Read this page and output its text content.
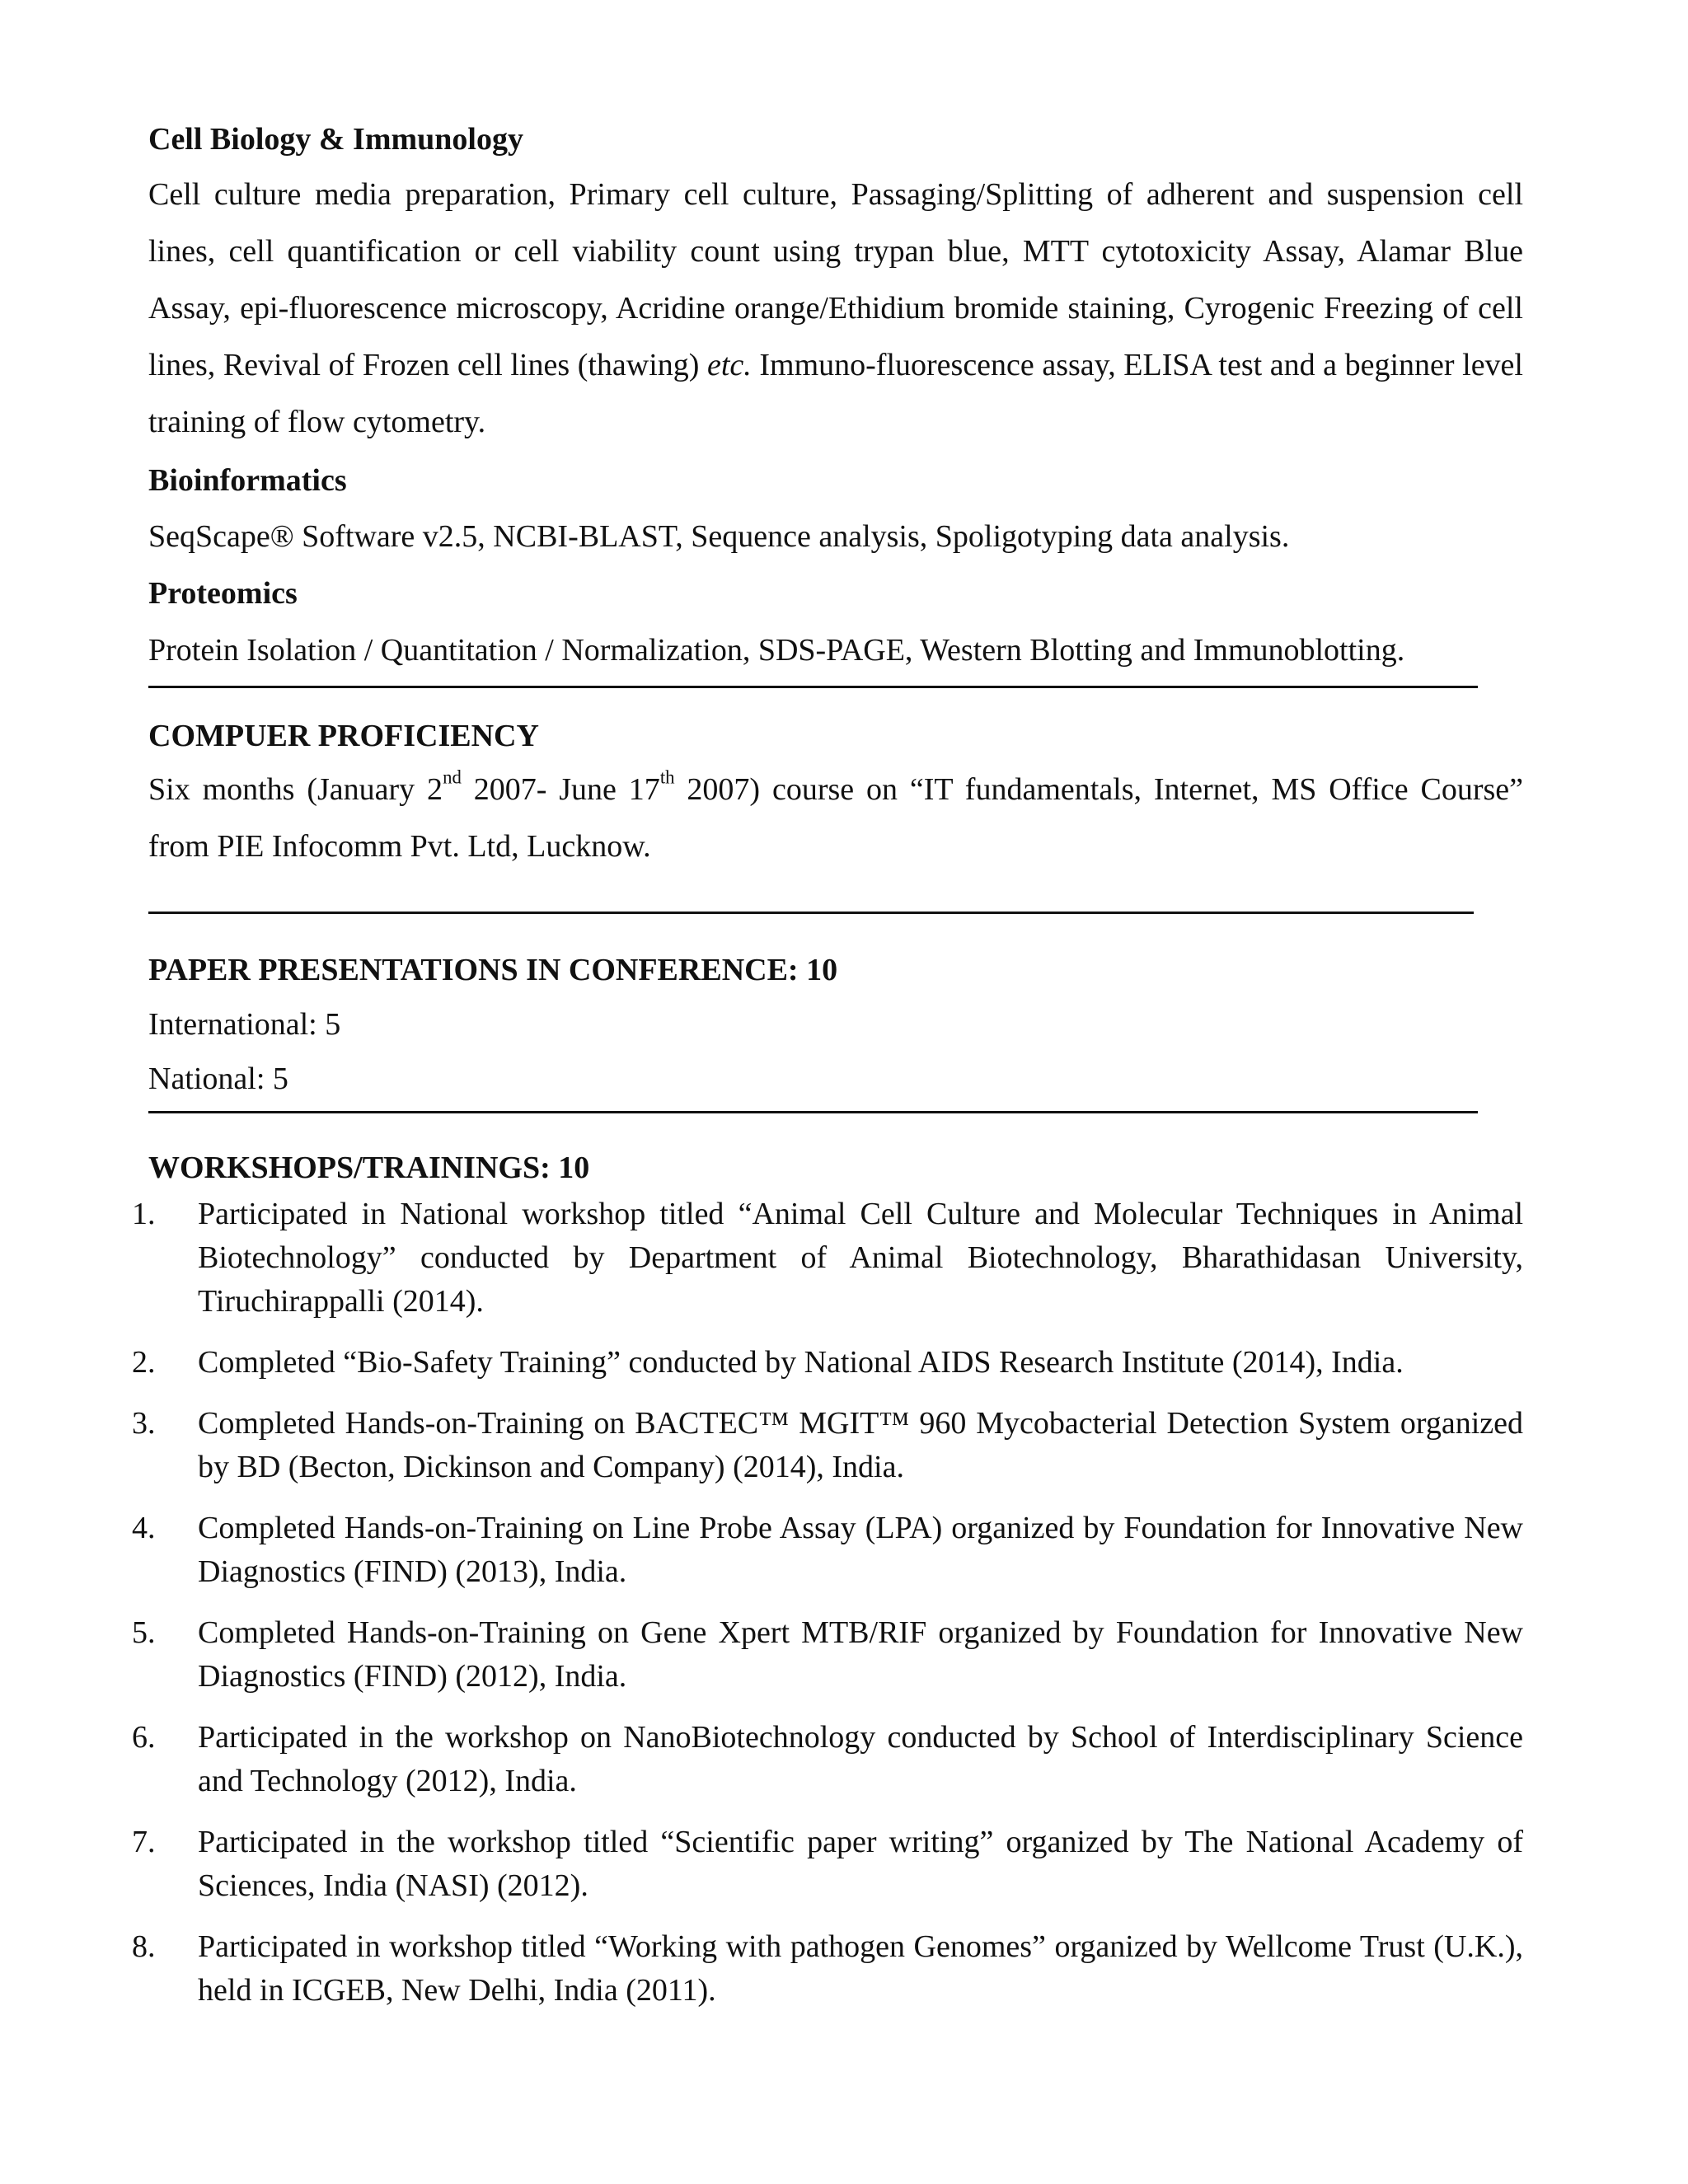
Cell Biology & Immunology
Cell culture media preparation, Primary cell culture, Passaging/Splitting of adherent and suspension cell lines, cell quantification or cell viability count using trypan blue, MTT cytotoxicity Assay, Alamar Blue Assay, epi-fluorescence microscopy, Acridine orange/Ethidium bromide staining, Cyrogenic Freezing of cell lines, Revival of Frozen cell lines (thawing) etc. Immuno-fluorescence assay, ELISA test and a beginner level training of flow cytometry.
Bioinformatics
SeqScape® Software v2.5, NCBI-BLAST, Sequence analysis, Spoligotyping data analysis.
Proteomics
Protein Isolation / Quantitation / Normalization, SDS-PAGE, Western Blotting and Immunoblotting.
COMPUER PROFICIENCY
Six months (January 2nd 2007- June 17th 2007) course on “IT fundamentals, Internet, MS Office Course” from PIE Infocomm Pvt. Ltd, Lucknow.
PAPER PRESENTATIONS IN CONFERENCE: 10
International: 5
National: 5
WORKSHOPS/TRAININGS: 10
1.	Participated in National workshop titled “Animal Cell Culture and Molecular Techniques in Animal Biotechnology” conducted by Department of Animal Biotechnology, Bharathidasan University, Tiruchirappalli (2014).
2.	Completed “Bio-Safety Training” conducted by National AIDS Research Institute (2014), India.
3.	Completed Hands-on-Training on BACTEC™ MGIT™ 960 Mycobacterial Detection System organized by BD (Becton, Dickinson and Company) (2014), India.
4.	Completed Hands-on-Training on Line Probe Assay (LPA) organized by Foundation for Innovative New Diagnostics (FIND) (2013), India.
5.	Completed Hands-on-Training on Gene Xpert MTB/RIF organized by Foundation for Innovative New Diagnostics (FIND) (2012), India.
6.	Participated in the workshop on NanoBiotechnology conducted by School of Interdisciplinary Science and Technology (2012), India.
7.	Participated in the workshop titled “Scientific paper writing” organized by The National Academy of Sciences, India (NASI) (2012).
8.	Participated in workshop titled “Working with pathogen Genomes” organized by Wellcome Trust (U.K.), held in ICGEB, New Delhi, India (2011).
